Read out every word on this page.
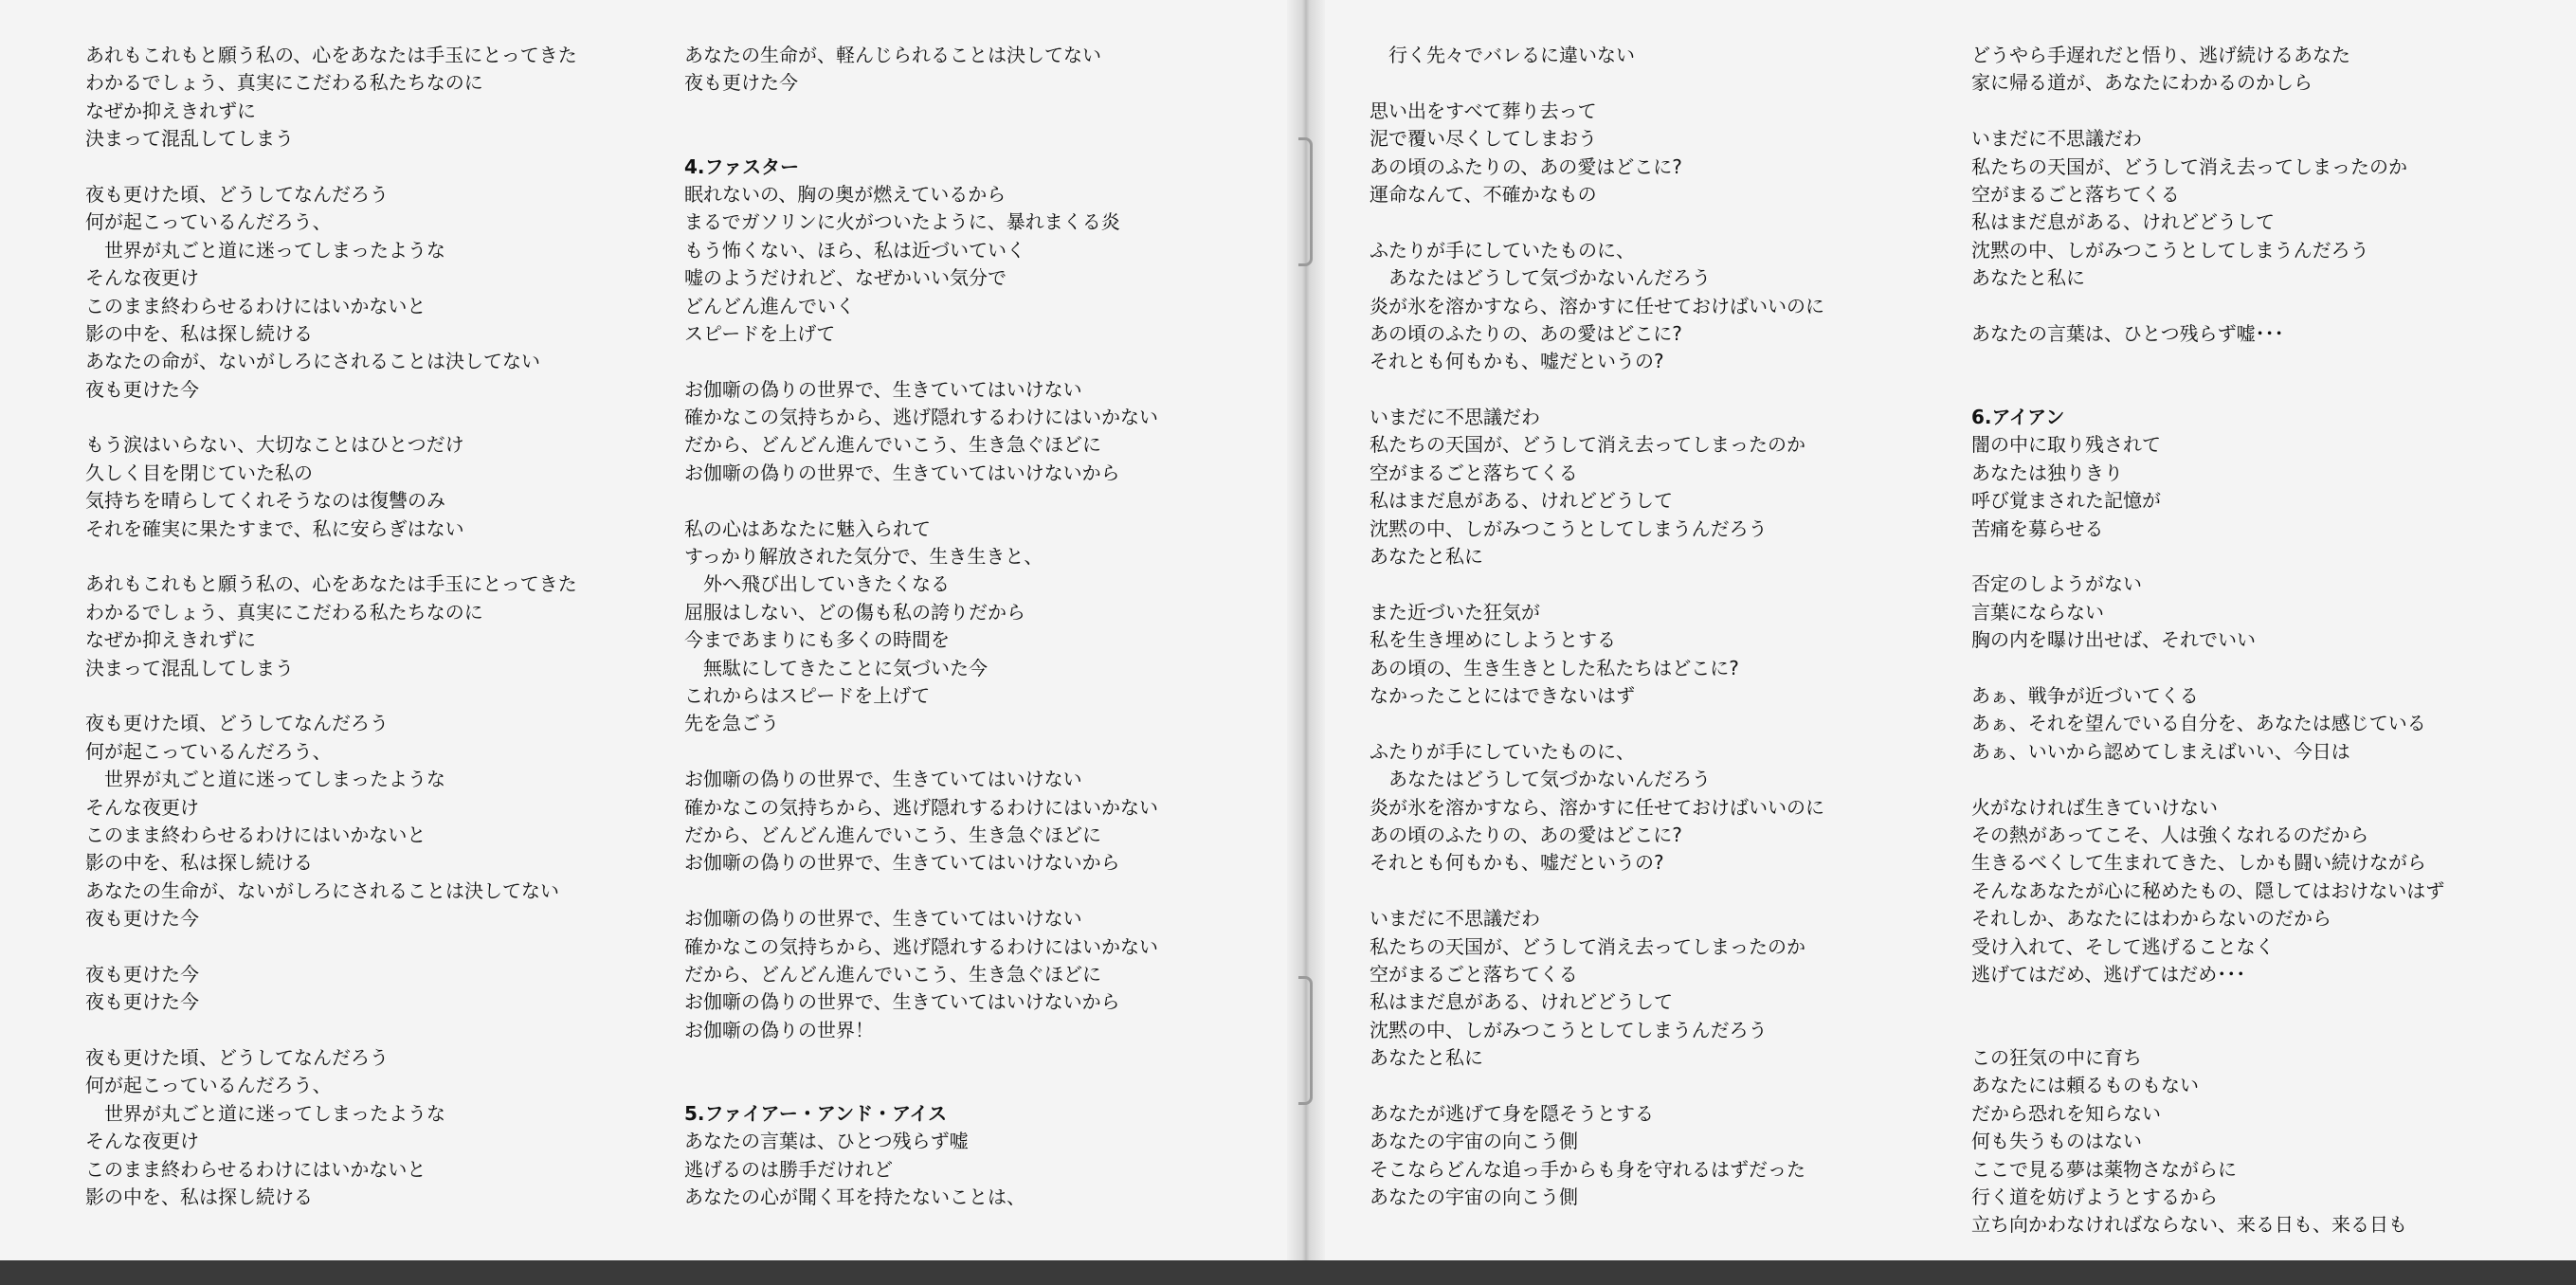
あれもこれもと願う私の、心をあなたは手玉にとってきた
わかるでしょう、真実にこだわる私たちなのに
なぜか抑えきれずに
決まって混乱してしまう
夜も更けた頃、どうしてなんだろう
何が起こっているんだろう、
　世界が丸ごと道に迷ってしまったような
そんな夜更け
このまま終わらせるわけにはいかないと
影の中を、私は探し続ける
あなたの命が、ないがしろにされることは決してない
夜も更けた今
もう涙はいらない、大切なことはひとつだけ
久しく目を閉じていた私の
気持ちを晴らしてくれそうなのは復讐のみ
それを確実に果たすまで、私に安らぎはない
あれもこれもと願う私の、心をあなたは手玉にとってきた
わかるでしょう、真実にこだわる私たちなのに
なぜか抑えきれずに
決まって混乱してしまう
夜も更けた頃、どうしてなんだろう
何が起こっているんだろう、
　世界が丸ごと道に迷ってしまったような
そんな夜更け
このまま終わらせるわけにはいかないと
影の中を、私は探し続ける
あなたの生命が、ないがしろにされることは決してない
夜も更けた今
夜も更けた今
夜も更けた今
夜も更けた頃、どうしてなんだろう
何が起こっているんだろう、
　世界が丸ごと道に迷ってしまったような
そんな夜更け
このまま終わらせるわけにはいかないと
影の中を、私は探し続ける
あなたの生命が、軽んじられることは決してない
夜も更けた今
4.ファスター
眠れないの、胸の奥が燃えているから
まるでガソリンに火がついたように、暴れまくる炎
もう怖くない、ほら、私は近づいていく
嘘のようだけれど、なぜかいい気分で
どんどん進んでいく
スピードを上げて
お伽噺の偽りの世界で、生きていてはいけない
確かなこの気持ちから、逃げ隠れするわけにはいかない
だから、どんどん進んでいこう、生き急ぐほどに
お伽噺の偽りの世界で、生きていてはいけないから
私の心はあなたに魅入られて
すっかり解放された気分で、生き生きと、
　外へ飛び出していきたくなる
屈服はしない、どの傷も私の誇りだから
今まであまりにも多くの時間を
　無駄にしてきたことに気づいた今
これからはスピードを上げて
先を急ごう
お伽噺の偽りの世界で、生きていてはいけない
確かなこの気持ちから、逃げ隠れするわけにはいかない
だから、どんどん進んでいこう、生き急ぐほどに
お伽噺の偽りの世界で、生きていてはいけないから
お伽噺の偽りの世界で、生きていてはいけない
確かなこの気持ちから、逃げ隠れするわけにはいかない
だから、どんどん進んでいこう、生き急ぐほどに
お伽噺の偽りの世界で、生きていてはいけないから
お伽噺の偽りの世界！
5.ファイアー・アンド・アイス
あなたの言葉は、ひとつ残らず嘘
逃げるのは勝手だけれど
あなたの心が聞く耳を持たないことは、
　行く先々でバレるに違いない
思い出をすべて葬り去って
泥で覆い尽くしてしまおう
あの頃のふたりの、あの愛はどこに?
運命なんて、不確かなもの
ふたりが手にしていたものに、
　あなたはどうして気づかないんだろう
炎が氷を溶かすなら、溶かすに任せておけばいいのに
あの頃のふたりの、あの愛はどこに?
それとも何もかも、嘘だというの?
いまだに不思議だわ
私たちの天国が、どうして消え去ってしまったのか
空がまるごと落ちてくる
私はまだ息がある、けれどどうして
沈黙の中、しがみつこうとしてしまうんだろう
あなたと私に
また近づいた狂気が
私を生き埋めにしようとする
あの頃の、生き生きとした私たちはどこに?
なかったことにはできないはず
ふたりが手にしていたものに、
　あなたはどうして気づかないんだろう
炎が氷を溶かすなら、溶かすに任せておけばいいのに
あの頃のふたりの、あの愛はどこに?
それとも何もかも、嘘だというの?
いまだに不思議だわ
私たちの天国が、どうして消え去ってしまったのか
空がまるごと落ちてくる
私はまだ息がある、けれどどうして
沈黙の中、しがみつこうとしてしまうんだろう
あなたと私に
あなたが逃げて身を隠そうとする
あなたの宇宙の向こう側
そこならどんな追っ手からも身を守れるはずだった
あなたの宇宙の向こう側
どうやら手遅れだと悟り、逃げ続けるあなた
家に帰る道が、あなたにわかるのかしら
いまだに不思議だわ
私たちの天国が、どうして消え去ってしまったのか
空がまるごと落ちてくる
私はまだ息がある、けれどどうして
沈黙の中、しがみつこうとしてしまうんだろう
あなたと私に
あなたの言葉は、ひとつ残らず嘘･･･
6.アイアン
闇の中に取り残されて
あなたは独りきり
呼び覚まされた記憶が
苦痛を募らせる
否定のしようがない
言葉にならない
胸の内を曝け出せば、それでいい
あぁ、戦争が近づいてくる
あぁ、それを望んでいる自分を、あなたは感じている
あぁ、いいから認めてしまえばいい、今日は
火がなければ生きていけない
その熱があってこそ、人は強くなれるのだから
生きるべくして生まれてきた、しかも闘い続けながら
そんなあなたが心に秘めたもの、隠してはおけないはず
それしか、あなたにはわからないのだから
受け入れて、そして逃げることなく
逃げてはだめ、逃げてはだめ･･･
この狂気の中に育ち
あなたには頼るものもない
だから恐れを知らない
何も失うものはない
ここで見る夢は薬物さながらに
行く道を妨げようとするから
立ち向かわなければならない、来る日も、来る日も
